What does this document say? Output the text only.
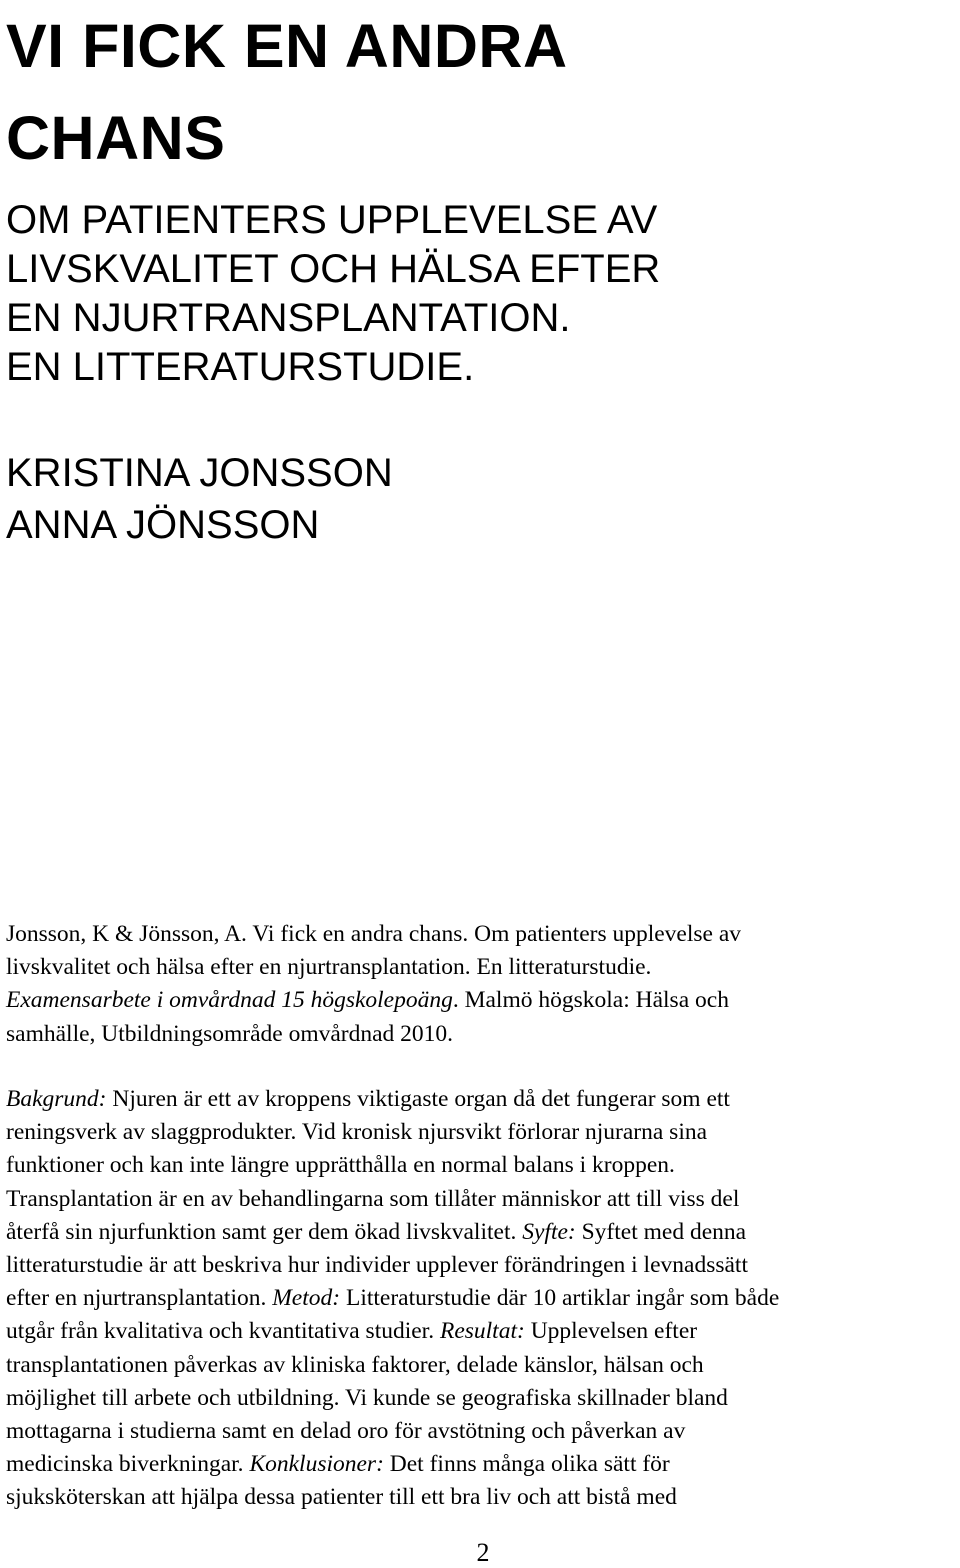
VI FICK EN ANDRA
CHANS
OM PATIENTERS UPPLEVELSE AV
LIVSKVALITET OCH HÄLSA EFTER
EN NJURTRANSPLANTATION.
EN LITTERATURSTUDIE.
KRISTINA JONSSON
ANNA JÖNSSON

Jonsson, K & Jönsson, A. Vi fick en andra chans. Om patienters upplevelse av
livskvalitet och hälsa efter en njurtransplantation. En litteraturstudie.
Examensarbete i omvårdnad 15 högskolepoäng. Malmö högskola: Hälsa och
samhälle, Utbildningsområde omvårdnad 2010.

Bakgrund: Njuren är ett av kroppens viktigaste organ då det fungerar som ett
reningsverk av slaggprodukter. Vid kronisk njursvikt förlorar njurarna sina
funktioner och kan inte längre upprätthålla en normal balans i kroppen.
Transplantation är en av behandlingarna som tillåter människor att till viss del
återfå sin njurfunktion samt ger dem ökad livskvalitet. Syfte: Syftet med denna
litteraturstudie är att beskriva hur individer upplever förändringen i levnadssätt
efter en njurtransplantation. Metod: Litteraturstudie där 10 artiklar ingår som både
utgår från kvalitativa och kvantitativa studier. Resultat: Upplevelsen efter
transplantationen påverkas av kliniska faktorer, delade känslor, hälsan och
möjlighet till arbete och utbildning. Vi kunde se geografiska skillnader bland
mottagarna i studierna samt en delad oro för avstötning och påverkan av
medicinska biverkningar. Konklusioner: Det finns många olika sätt för
sjuksköterskan att hjälpa dessa patienter till ett bra liv och att bistå med

2
